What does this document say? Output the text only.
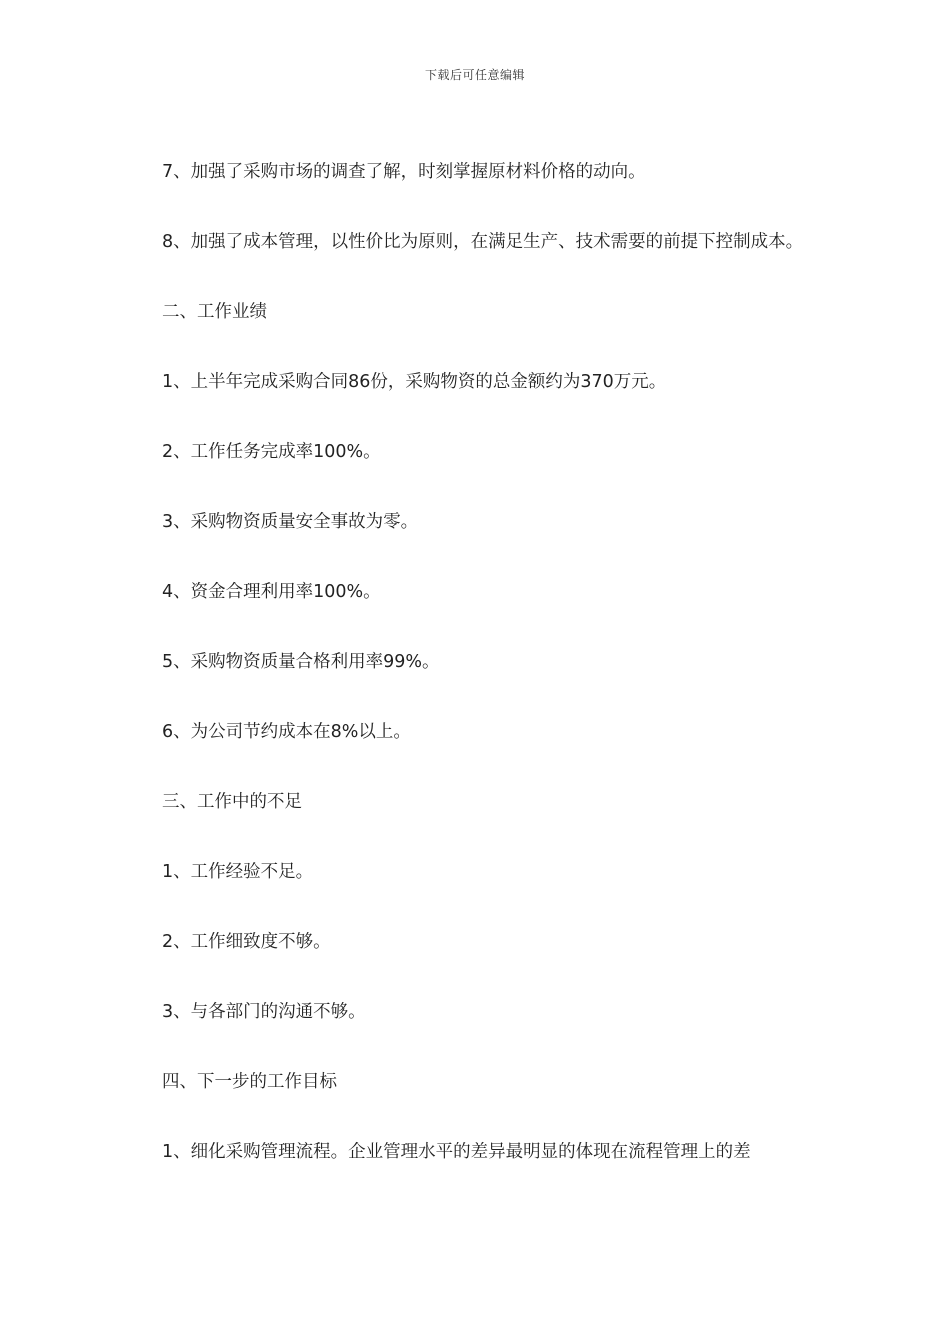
下载后可任意编辑

7、加强了采购市场的调查了解，时刻掌握原材料价格的动向。

8、加强了成本管理，以性价比为原则，在满足生产、技术需要的前提下控制成本。

二、工作业绩

1、上半年完成采购合同86份，采购物资的总金额约为370万元。

2、工作任务完成率100%。

3、采购物资质量安全事故为零。

4、资金合理利用率100%。

5、采购物资质量合格利用率99%。

6、为公司节约成本在8%以上。

三、工作中的不足

1、工作经验不足。

2、工作细致度不够。

3、与各部门的沟通不够。

四、下一步的工作目标

1、细化采购管理流程。企业管理水平的差异最明显的体现在流程管理上的差
